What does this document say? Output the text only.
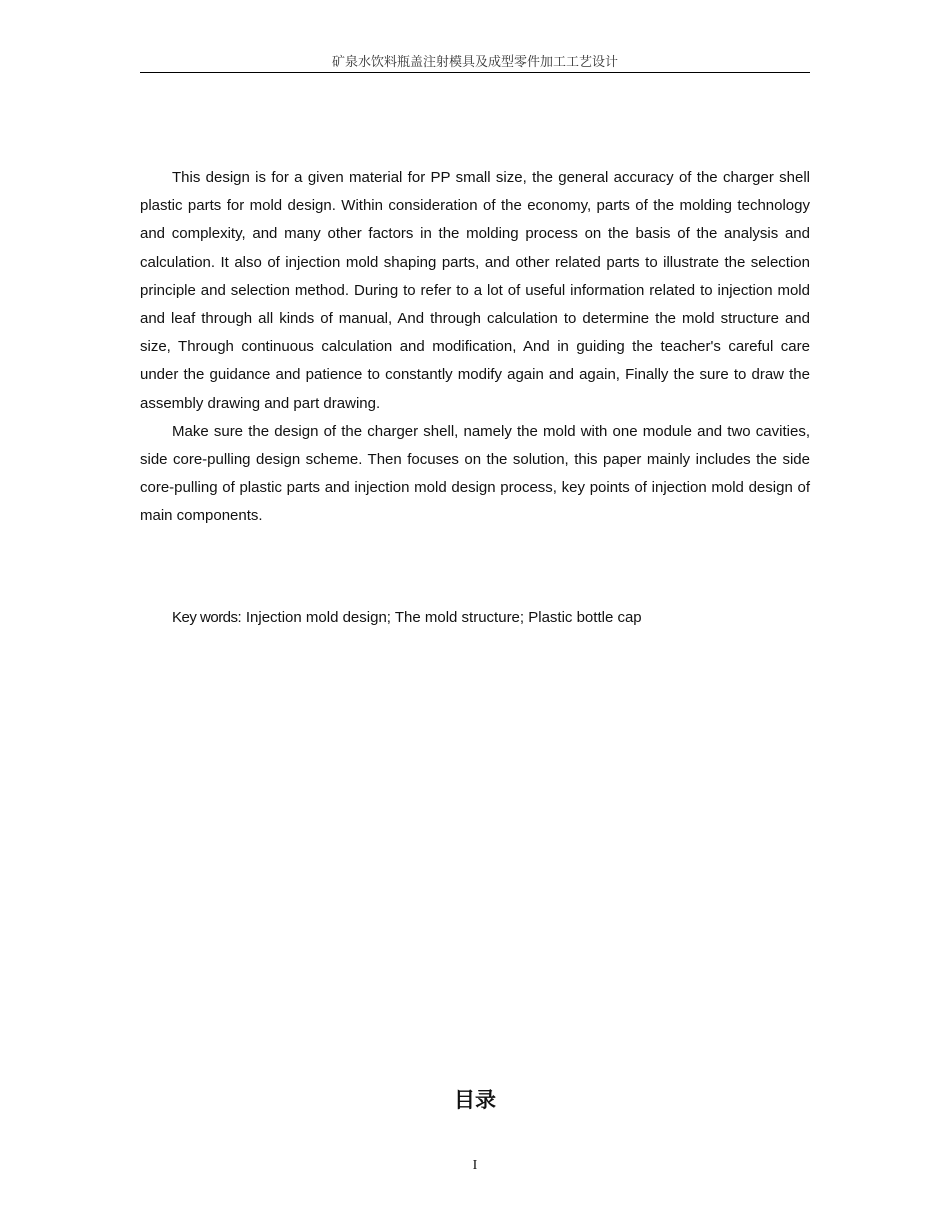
矿泉水饮料瓶盖注射模具及成型零件加工工艺设计

This design is for a given material for PP small size, the general accuracy of the charger shell plastic parts for mold design. Within consideration of the economy, parts of the molding technology and complexity, and many other factors in the molding process on the basis of the analysis and calculation. It also of injection mold shaping parts, and other related parts to illustrate the selection principle and selection method. During to refer to a lot of useful information related to injection mold and leaf through all kinds of manual, And through calculation to determine the mold structure and size, Through continuous calculation and modification, And in guiding the teacher's careful care under the guidance and patience to constantly modify again and again, Finally the sure to draw the assembly drawing and part drawing.

Make sure the design of the charger shell, namely the mold with one module and two cavities, side core-pulling design scheme. Then focuses on the solution, this paper mainly includes the side core-pulling of plastic parts and injection mold design process, key points of injection mold design of main components.

Key words: Injection mold design; The mold structure; Plastic bottle cap
目录
I
